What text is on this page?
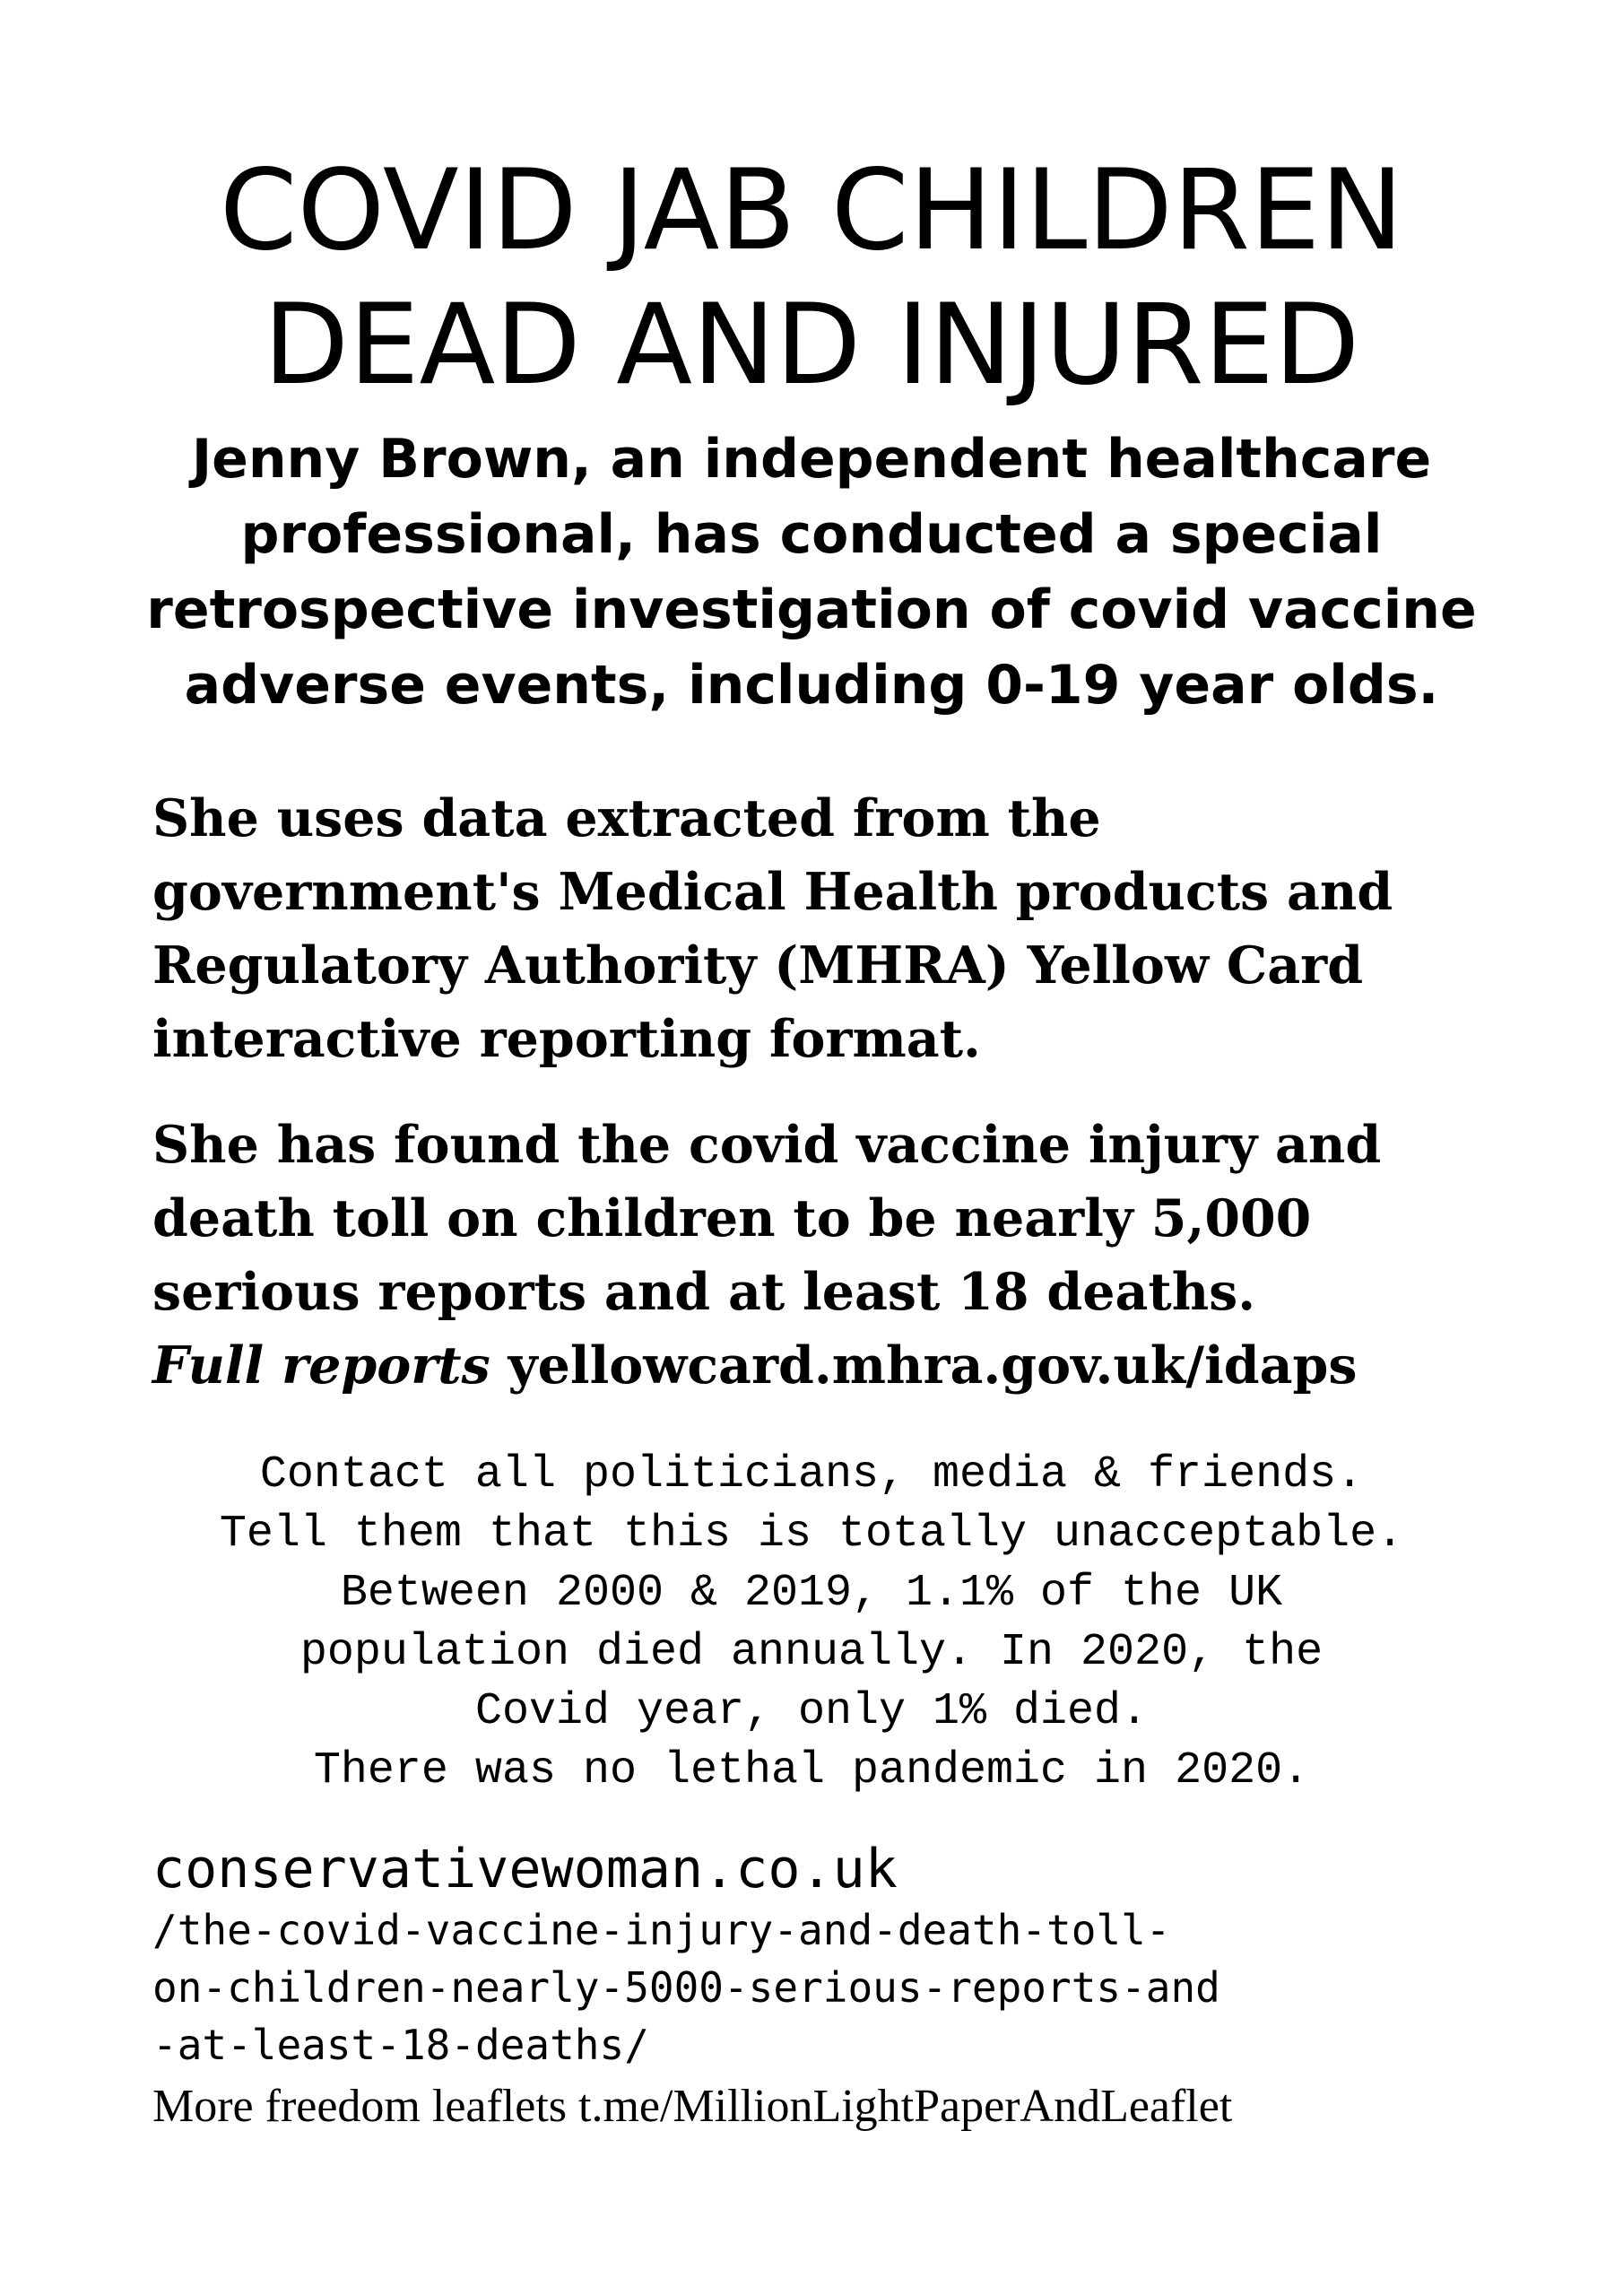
COVID JAB CHILDREN
DEAD AND INJURED

Jenny Brown, an independent healthcare
professional, has conducted a special
retrospective investigation of covid vaccine
adverse events, including 0-19 year olds.

She uses data extracted from the
government's Medical Health products and
Regulatory Authority (MHRA) Yellow Card
interactive reporting format.

She has found the covid vaccine injury and
death toll on children to be nearly 5,000
serious reports and at least 18 deaths.
Full reports yellowcard.mhra.gov.uk/idaps

Contact all politicians, media & friends.
Tell them that this is totally unacceptable.
Between 2000 & 2019, 1.1% of the UK
population died annually. In 2020, the
Covid year, only 1% died.
There was no lethal pandemic in 2020.

conservativewoman.co.uk

/the-covid-vaccine-injury-and-death-toll-
on-children-nearly-5000-serious-reports-and
-at-least-18-deaths/

More freedom leaflets t.me/MillionLightPaperAndLeaflet
